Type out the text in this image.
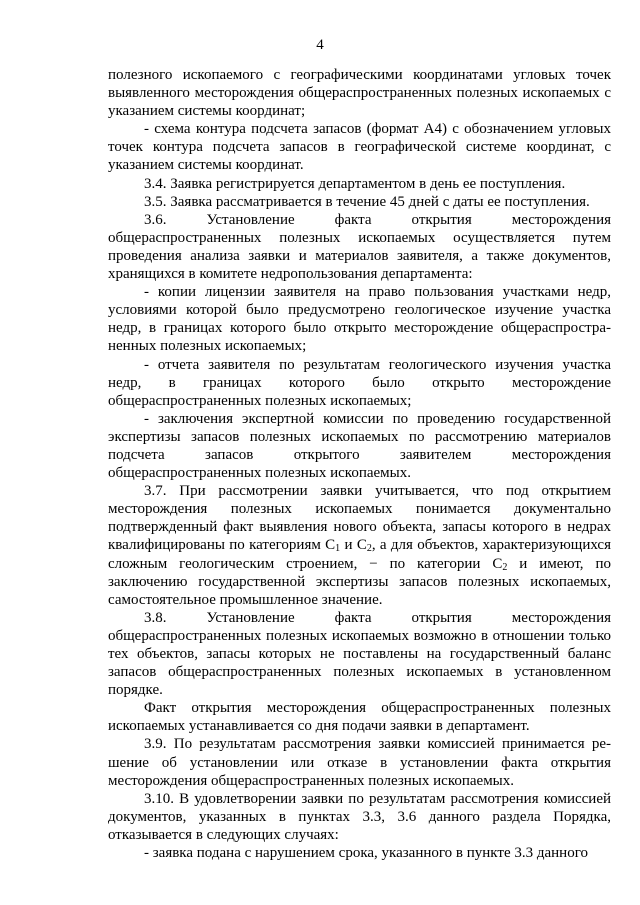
4

полезного ископаемого с географическими координатами угловых точек выявленного месторождения общераспространенных полезных ископаемых с указанием системы координат;

- схема контура подсчета запасов (формат А4) с обозначением угловых точек контура подсчета запасов в географической системе координат, с указанием системы координат.

3.4. Заявка регистрируется департаментом в день ее поступления.

3.5. Заявка рассматривается в течение 45 дней с даты ее поступления.

3.6. Установление факта открытия месторождения общераспространенных полезных ископаемых осуществляется путем проведения анализа заявки и материалов заявителя, а также документов, хранящихся в комитете недропользования департамента:

- копии лицензии заявителя на право пользования участками недр, условиями которой было предусмотрено геологическое изучение участка недр, в границах которого было открыто месторождение общераспростра-ненных полезных ископаемых;

- отчета заявителя по результатам геологического изучения участка недр, в границах которого было открыто месторождение общераспространенных полезных ископаемых;

- заключения экспертной комиссии по проведению государственной экспертизы запасов полезных ископаемых по рассмотрению материалов подсчета запасов открытого заявителем месторождения общераспространенных полезных ископаемых.

3.7. При рассмотрении заявки учитывается, что под открытием месторождения полезных ископаемых понимается документально подтвержденный факт выявления нового объекта, запасы которого в недрах квалифицированы по категориям $С_1$ и $С_2$, а для объектов, характеризующихся сложным геологическим строением, − по категории $С_2$ и имеют, по заключению государственной экспертизы запасов полезных ископаемых, самостоятельное промышленное значение.

3.8. Установление факта открытия месторождения общераспространенных полезных ископаемых возможно в отношении только тех объектов, запасы которых не поставлены на государственный баланс запасов общераспространенных полезных ископаемых в установленном порядке.

Факт открытия месторождения общераспространенных полезных ископаемых устанавливается со дня подачи заявки в департамент.

3.9. По результатам рассмотрения заявки комиссией принимается ре-шение об установлении или отказе в установлении факта открытия месторождения общераспространенных полезных ископаемых.

3.10. В удовлетворении заявки по результатам рассмотрения комиссией документов, указанных в пунктах 3.3, 3.6 данного раздела Порядка, отказывается в следующих случаях:

- заявка подана с нарушением срока, указанного в пункте 3.3 данного
